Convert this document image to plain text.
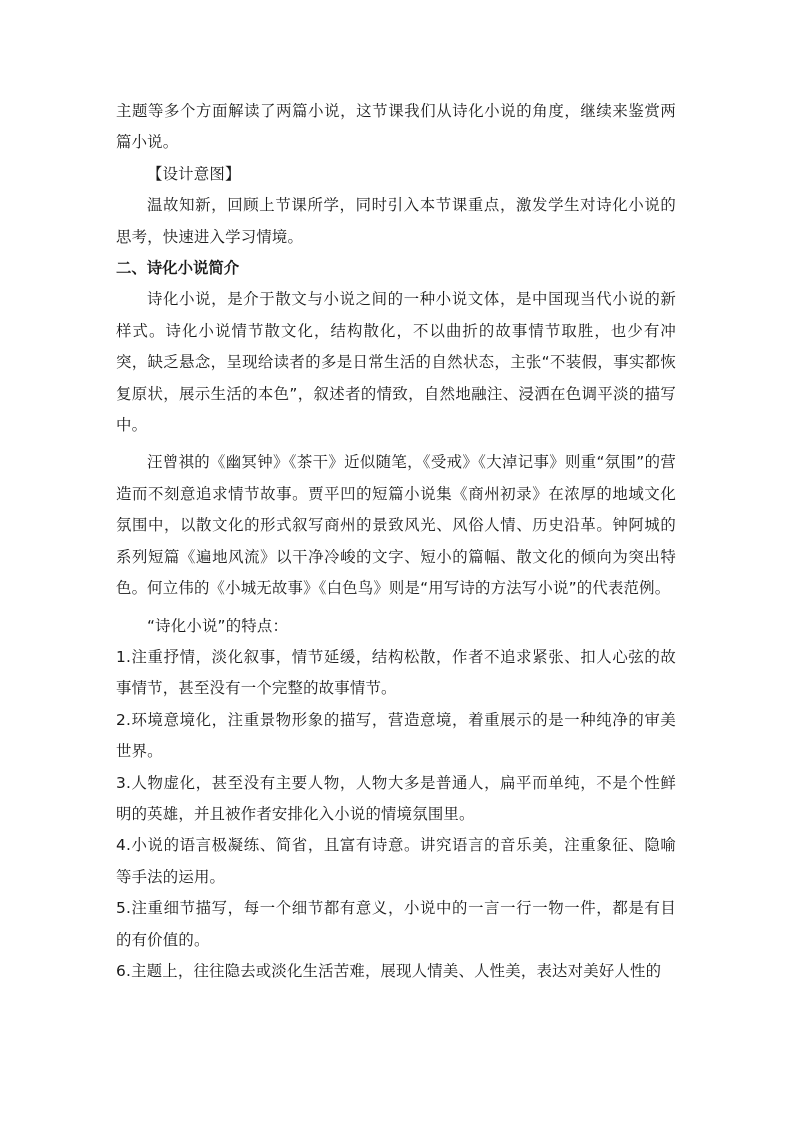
主题等多个方面解读了两篇小说，这节课我们从诗化小说的角度，继续来鉴赏两篇小说。

【设计意图】

温故知新，回顾上节课所学，同时引入本节课重点，激发学生对诗化小说的思考，快速进入学习情境。

二、诗化小说简介

诗化小说，是介于散文与小说之间的一种小说文体，是中国现当代小说的新样式。诗化小说情节散文化，结构散化，不以曲折的故事情节取胜，也少有冲突，缺乏悬念，呈现给读者的多是日常生活的自然状态，主张“不装假，事实都恢复原状，展示生活的本色”，叙述者的情致，自然地融注、浸洒在色调平淡的描写中。

汪曾祺的《幽冥钟》《茶干》近似随笔，《受戒》《大淖记事》则重“氛围”的营造而不刻意追求情节故事。贾平凹的短篇小说集《商州初录》在浓厚的地域文化氛围中，以散文化的形式叙写商州的景致风光、风俗人情、历史沿革。钟阿城的系列短篇《遍地风流》以干净冷峻的文字、短小的篇幅、散文化的倾向为突出特色。何立伟的《小城无故事》《白色鸟》则是“用写诗的方法写小说”的代表范例。

“诗化小说”的特点：

1.注重抒情，淡化叙事，情节延缓，结构松散，作者不追求紧张、扣人心弦的故事情节，甚至没有一个完整的故事情节。

2.环境意境化，注重景物形象的描写，营造意境，着重展示的是一种纯净的审美世界。

3.人物虚化，甚至没有主要人物，人物大多是普通人，扁平而单纯，不是个性鲜明的英雄，并且被作者安排化入小说的情境氛围里。

4.小说的语言极凝练、简省，且富有诗意。讲究语言的音乐美，注重象征、隐喻等手法的运用。

5.注重细节描写，每一个细节都有意义，小说中的一言一行一物一件，都是有目的有价值的。

6.主题上，往往隐去或淡化生活苦难，展现人情美、人性美，表达对美好人性的
